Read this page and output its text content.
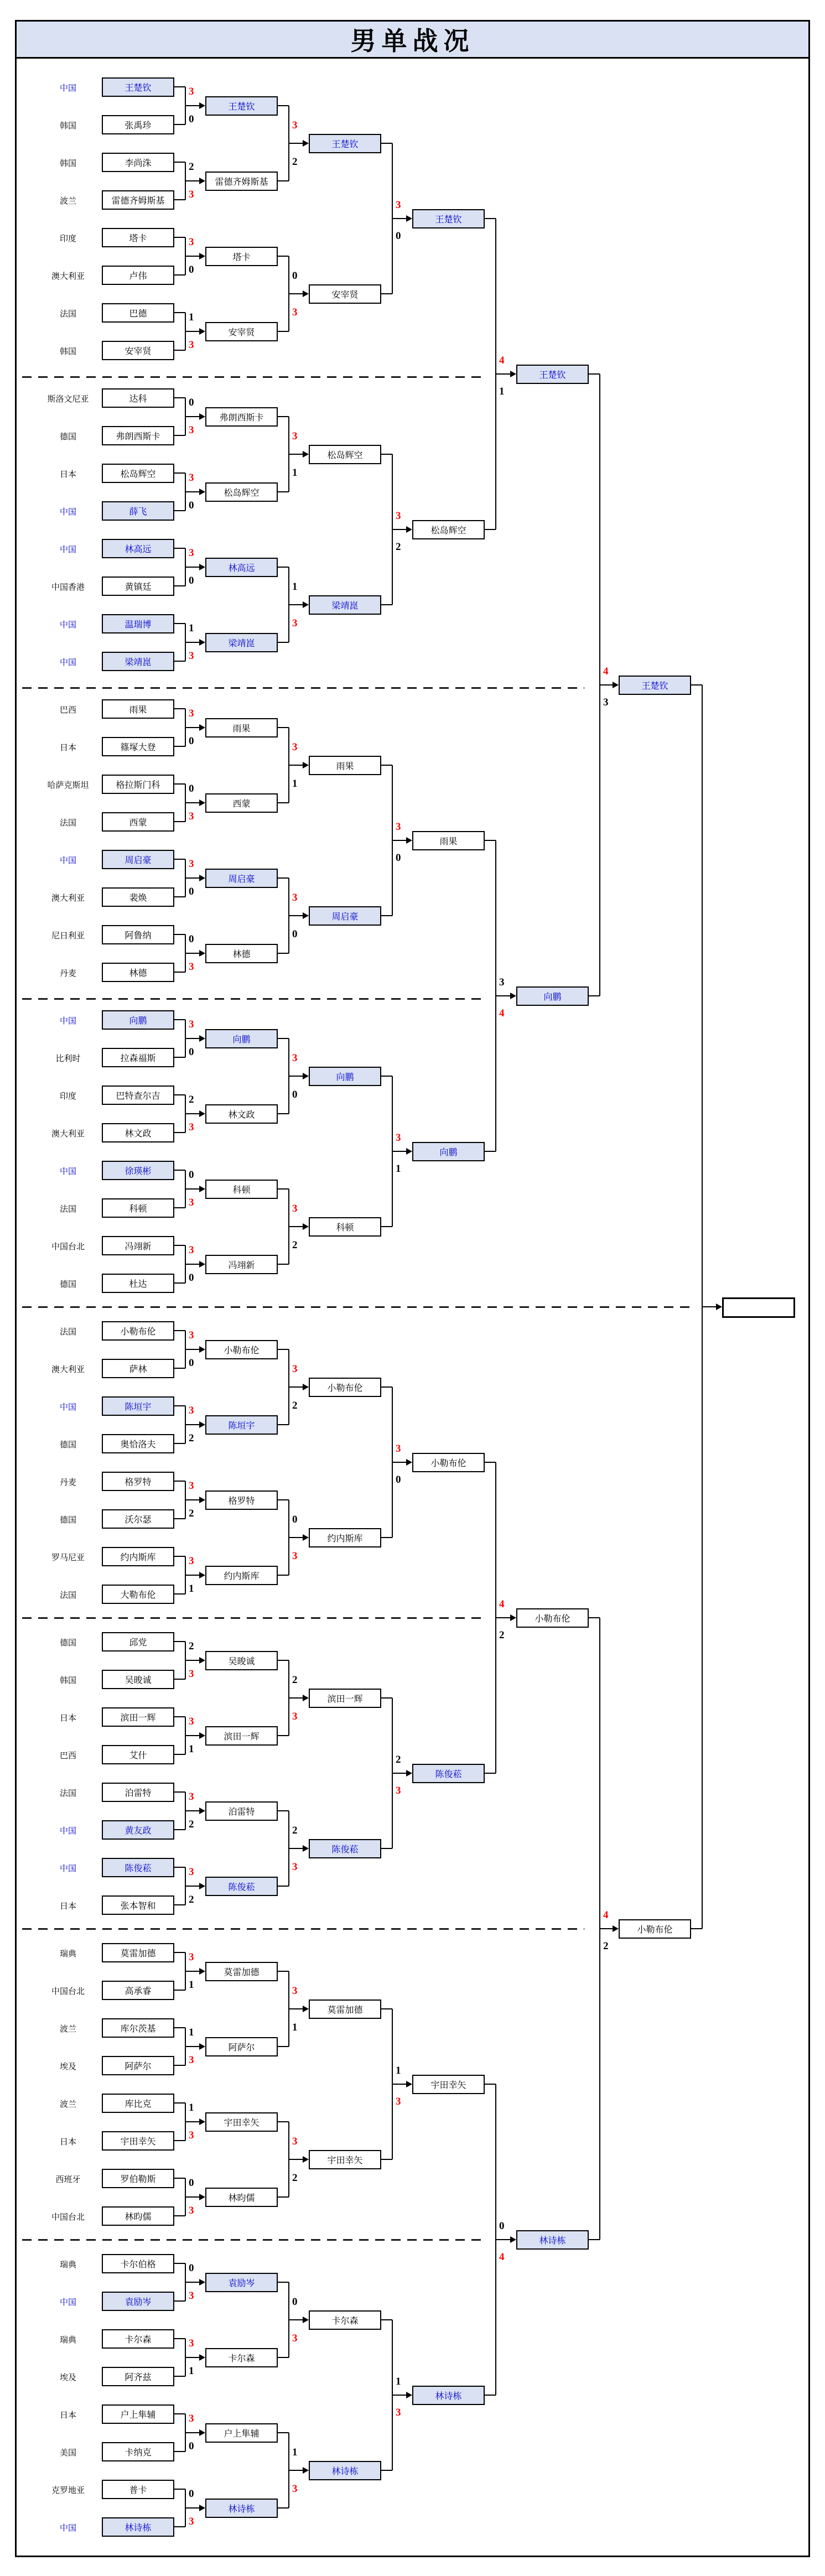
男单战况
中国	王楚钦
韩国	张禹珍
韩国	李尚洙
波兰	雷德齐姆斯基
印度	塔卡
澳大利亚	卢伟
法国	巴德
韩国	安宰贤
3
0
王楚钦
2
3
雷德齐姆斯基
3
0
塔卡
1
3
安宰贤
3
2
王楚钦
0
3
安宰贤
3
0
王楚钦
斯洛文尼亚	达科
德国	弗朗西斯卡
日本	松岛辉空
中国	薛飞
中国	林高远
中国香港	黄镇廷
中国	温瑞博
中国	梁靖崑
0
3
弗朗西斯卡
3
0
松岛辉空
3
0
林高远
1
3
梁靖崑
3
1
松岛辉空
1
3
梁靖崑
3
2
松岛辉空
巴西	雨果
日本	篠塚大登
哈萨克斯坦	格拉斯门科
法国	西蒙
中国	周启豪
澳大利亚	裴焕
尼日利亚	阿鲁纳
丹麦	林德
3
0
雨果
0
3
西蒙
3
0
周启豪
0
3
林德
3
1
雨果
3
0
周启豪
3
0
雨果
中国	向鹏
比利时	拉森福斯
印度	巴特查尔吉
澳大利亚	林文政
中国	徐瑛彬
法国	科顿
中国台北	冯翊新
德国	杜达
3
0
向鹏
2
3
林文政
0
3
科顿
3
0
冯翊新
3
0
向鹏
3
2
科顿
3
1
向鹏
法国	小勒布伦
澳大利亚	萨林
中国	陈垣宇
德国	奥恰洛夫
丹麦	格罗特
德国	沃尔瑟
罗马尼亚	约内斯库
法国	大勒布伦
3
0
小勒布伦
3
2
陈垣宇
3
2
格罗特
3
1
约内斯库
3
2
小勒布伦
0
3
约内斯库
3
0
小勒布伦
德国	邱党
韩国	吴晙诚
日本	滨田一辉
巴西	艾什
法国	泊雷特
中国	黄友政
中国	陈俊菘
日本	张本智和
2
3
吴晙诚
3
1
滨田一辉
3
2
泊雷特
3
2
陈俊菘
2
3
滨田一辉
2
3
陈俊菘
2
3
陈俊菘
瑞典	莫雷加德
中国台北	高承睿
波兰	库尔茨基
埃及	阿萨尔
波兰	库比克
日本	宇田幸矢
西班牙	罗伯勒斯
中国台北	林昀儒
3
1
莫雷加德
1
3
阿萨尔
1
3
宇田幸矢
0
3
林昀儒
3
1
莫雷加德
3
2
宇田幸矢
1
3
宇田幸矢
瑞典	卡尔伯格
中国	袁励岑
瑞典	卡尔森
埃及	阿齐兹
日本	户上隼辅
美国	卡纳克
克罗地亚	普卡
中国	林诗栋
0
3
袁励岑
3
1
卡尔森
3
0
户上隼辅
0
3
林诗栋
0
3
卡尔森
1
3
林诗栋
1
3
林诗栋
4
1
王楚钦
3
4
向鹏
4
2
小勒布伦
0
4
林诗栋
4
3
王楚钦
4
2
小勒布伦
